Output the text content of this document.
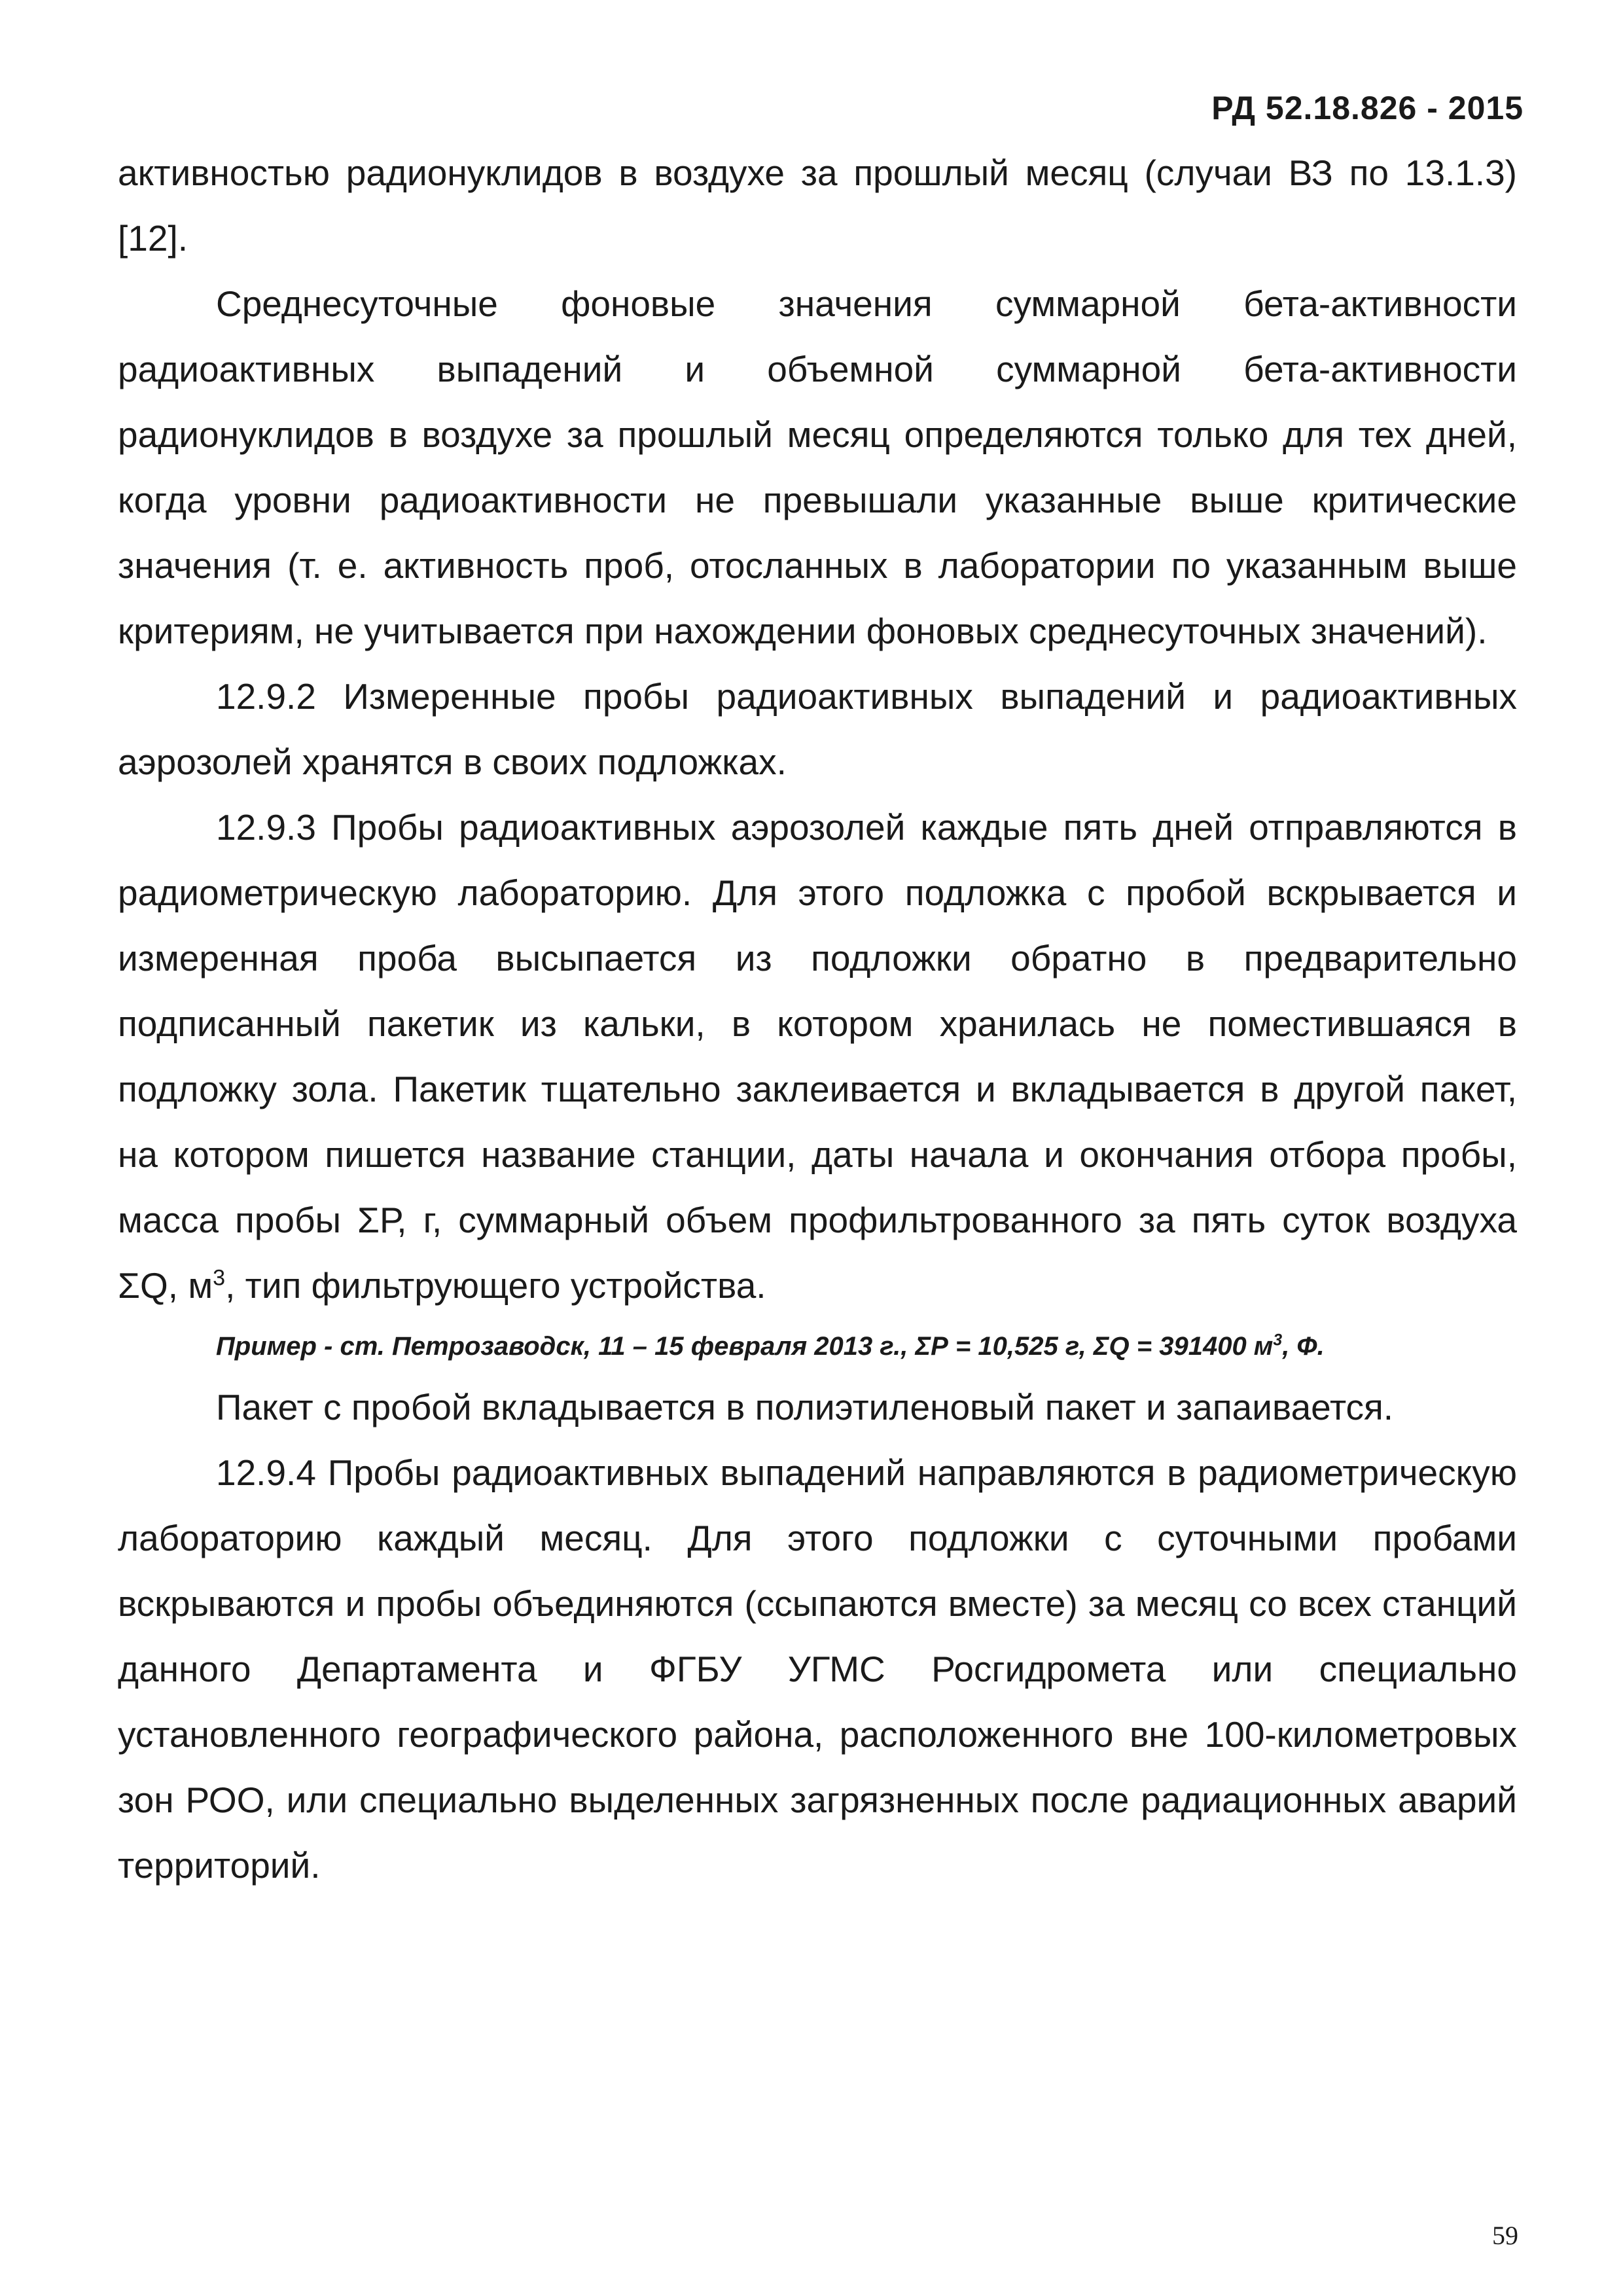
РД 52.18.826 - 2015

активностью радионуклидов в воздухе за прошлый месяц (случаи ВЗ по 13.1.3) [12].

Среднесуточные фоновые значения суммарной бета-активности радиоактивных выпадений и объемной суммарной бета-активности радионуклидов в воздухе за прошлый месяц определяются только для тех дней, когда уровни радиоактивности не превышали указанные выше критические значения (т. е. активность проб, отосланных в лаборатории по указанным выше критериям, не учитывается при нахождении фоновых среднесуточных значений).

12.9.2 Измеренные пробы радиоактивных выпадений и радиоактивных аэрозолей хранятся в своих подложках.

12.9.3 Пробы радиоактивных аэрозолей каждые пять дней отправляются в радиометрическую лабораторию. Для этого подложка с пробой вскрывается и измеренная проба высыпается из подложки обратно в предварительно подписанный пакетик из кальки, в котором хранилась не поместившаяся в подложку зола. Пакетик тщательно заклеивается и вкладывается в другой пакет, на котором пишется название станции, даты начала и окончания отбора пробы, масса пробы ΣР, г, суммарный объем профильтрованного за пять суток воздуха ΣQ, $м^3$, тип фильтрующего устройства.

Пример - ст. Петрозаводск, 11 – 15 февраля 2013 г., ΣР = 10,525 г, ΣQ = 391400 $м^3$, Ф.

Пакет с пробой вкладывается в полиэтиленовый пакет и запаивается.

12.9.4 Пробы радиоактивных выпадений направляются в радиометрическую лабораторию каждый месяц. Для этого подложки с суточными пробами вскрываются и пробы объединяются (ссыпаются вместе) за месяц со всех станций данного Департамента и ФГБУ УГМС Росгидромета или специально установленного географического района, расположенного вне 100-километровых зон РОО, или специально выделенных загрязненных после радиационных аварий территорий.

59
